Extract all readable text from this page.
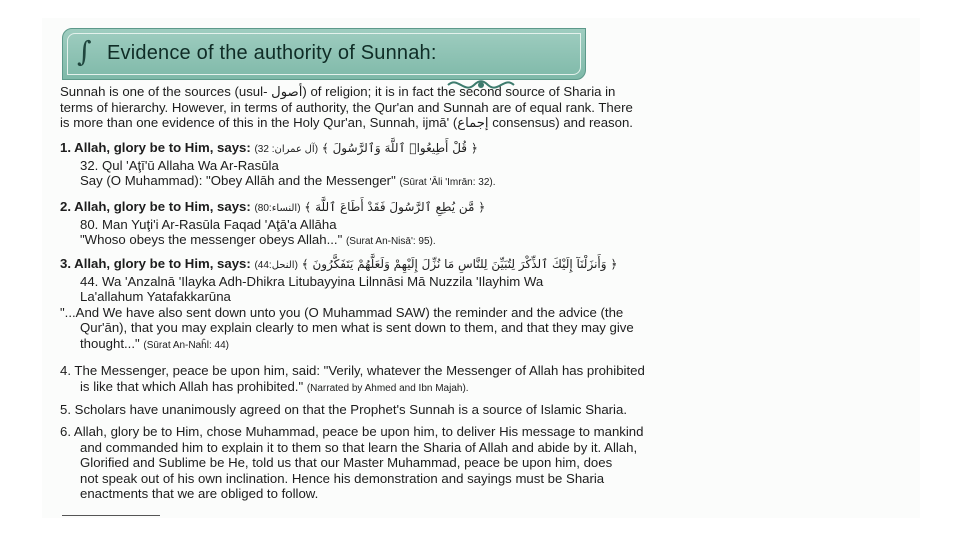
∫ Evidence of the authority of Sunnah:
Sunnah is one of the sources (usul- أصول) of religion; it is in fact the second source of Sharia in
terms of hierarchy. However, in terms of authority, the Qur'an and Sunnah are of equal rank. There
is more than one evidence of this in the Holy Qur'an, Sunnah, ijmā' (إجماع consensus) and reason.
1. Allah, glory be to Him, says: (آل عمران: 32) ﴿ قُلْ أَطِيعُوا۟ ٱللَّهَ وَٱلرَّسُولَ ﴾
32. Qul 'Aţī'ū Allaha Wa Ar-Rasūla
Say (O Muhammad): "Obey Allāh and the Messenger" (Sūrat 'Āli 'Imrān: 32).
2. Allah, glory be to Him, says: (النساء:80) ﴿ مَّن يُطِعِ ٱلرَّسُولَ فَقَدْ أَطَاعَ ٱللَّهَ ﴾
80. Man Yuţi'i Ar-Rasūla Faqad 'Aţā'a Allāha
"Whoso obeys the messenger obeys Allah..." (Surat An-Nisā': 95).
3. Allah, glory be to Him, says: (النحل:44) ﴿ وَأَنزَلْنَآ إِلَيْكَ ٱلذِّكْرَ لِتُبَيِّنَ لِلنَّاسِ مَا نُزِّلَ إِلَيْهِمْ وَلَعَلَّهُمْ يَتَفَكَّرُونَ ﴾
44. Wa 'Anzalnā 'Ilayka Adh-Dhikra Litubayyina Lilnnāsi Mā Nuzzila 'Ilayhim Wa
La'allahum Yatafakkarūna
"...And We have also sent down unto you (O Muhammad SAW) the reminder and the advice (the
Qur'ān), that you may explain clearly to men what is sent down to them, and that they may give
thought..." (Sūrat An-Naĥl: 44)
4. The Messenger, peace be upon him, said: "Verily, whatever the Messenger of Allah has prohibited
is like that which Allah has prohibited." (Narrated by Ahmed and Ibn Majah).
5. Scholars have unanimously agreed on that the Prophet's Sunnah is a source of Islamic Sharia.
6. Allah, glory be to Him, chose Muhammad, peace be upon him, to deliver His message to mankind
and commanded him to explain it to them so that learn the Sharia of Allah and abide by it. Allah,
Glorified and Sublime be He, told us that our Master Muhammad, peace be upon him, does
not speak out of his own inclination. Hence his demonstration and sayings must be Sharia
enactments that we are obliged to follow.
